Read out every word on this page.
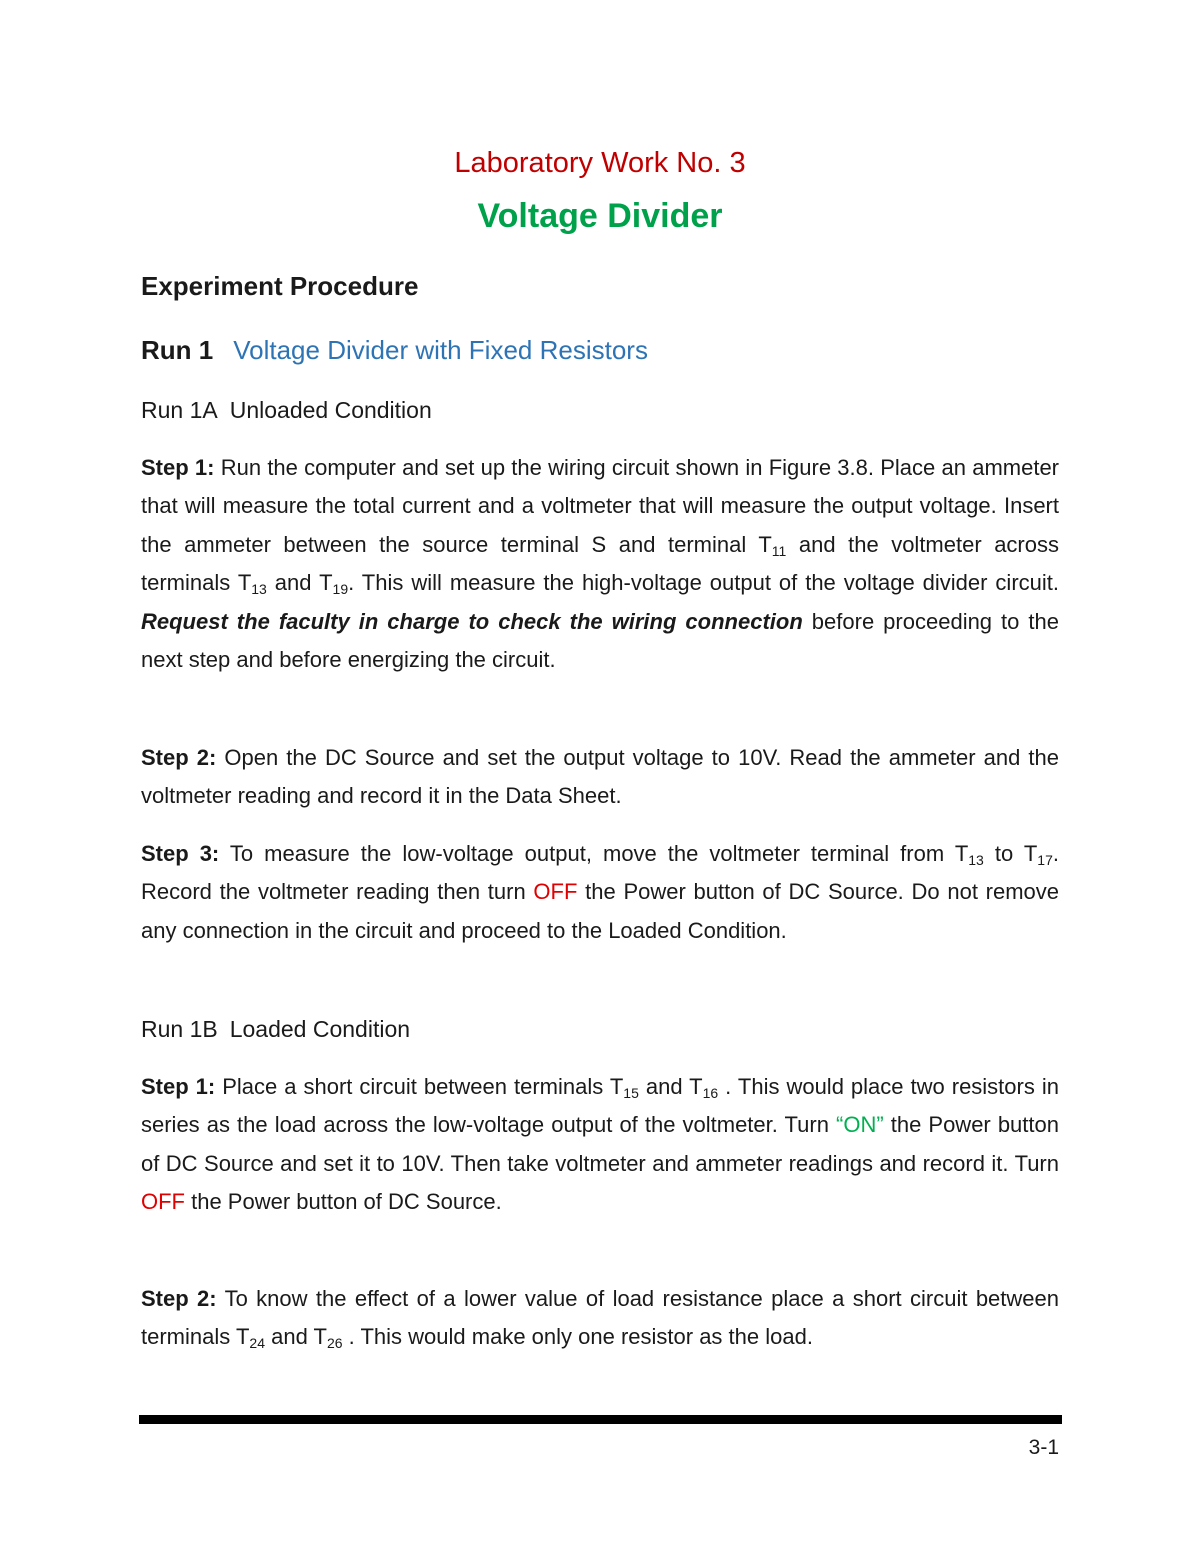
Laboratory Work No. 3
Voltage Divider
Experiment Procedure
Run 1 Voltage Divider with Fixed Resistors
Run 1A Unloaded Condition

Step 1: Run the computer and set up the wiring circuit shown in Figure 3.8. Place an ammeter that will measure the total current and a voltmeter that will measure the output voltage. Insert the ammeter between the source terminal S and terminal $T_{11}$ and the voltmeter across terminals $T_{13}$ and $T_{19}$. This will measure the high-voltage output of the voltage divider circuit. Request the faculty in charge to check the wiring connection before proceeding to the next step and before energizing the circuit.

Step 2: Open the DC Source and set the output voltage to 10V. Read the ammeter and the voltmeter reading and record it in the Data Sheet.

Step 3: To measure the low-voltage output, move the voltmeter terminal from $T_{13}$ to $T_{17}$. Record the voltmeter reading then turn OFF the Power button of DC Source. Do not remove any connection in the circuit and proceed to the Loaded Condition.

Run 1B Loaded Condition

Step 1: Place a short circuit between terminals $T_{15}$ and $T_{16}$ . This would place two resistors in series as the load across the low-voltage output of the voltmeter. Turn “ON” the Power button of DC Source and set it to 10V. Then take voltmeter and ammeter readings and record it. Turn OFF the Power button of DC Source.

Step 2: To know the effect of a lower value of load resistance place a short circuit between terminals $T_{24}$ and $T_{26}$ . This would make only one resistor as the load.

3-1
